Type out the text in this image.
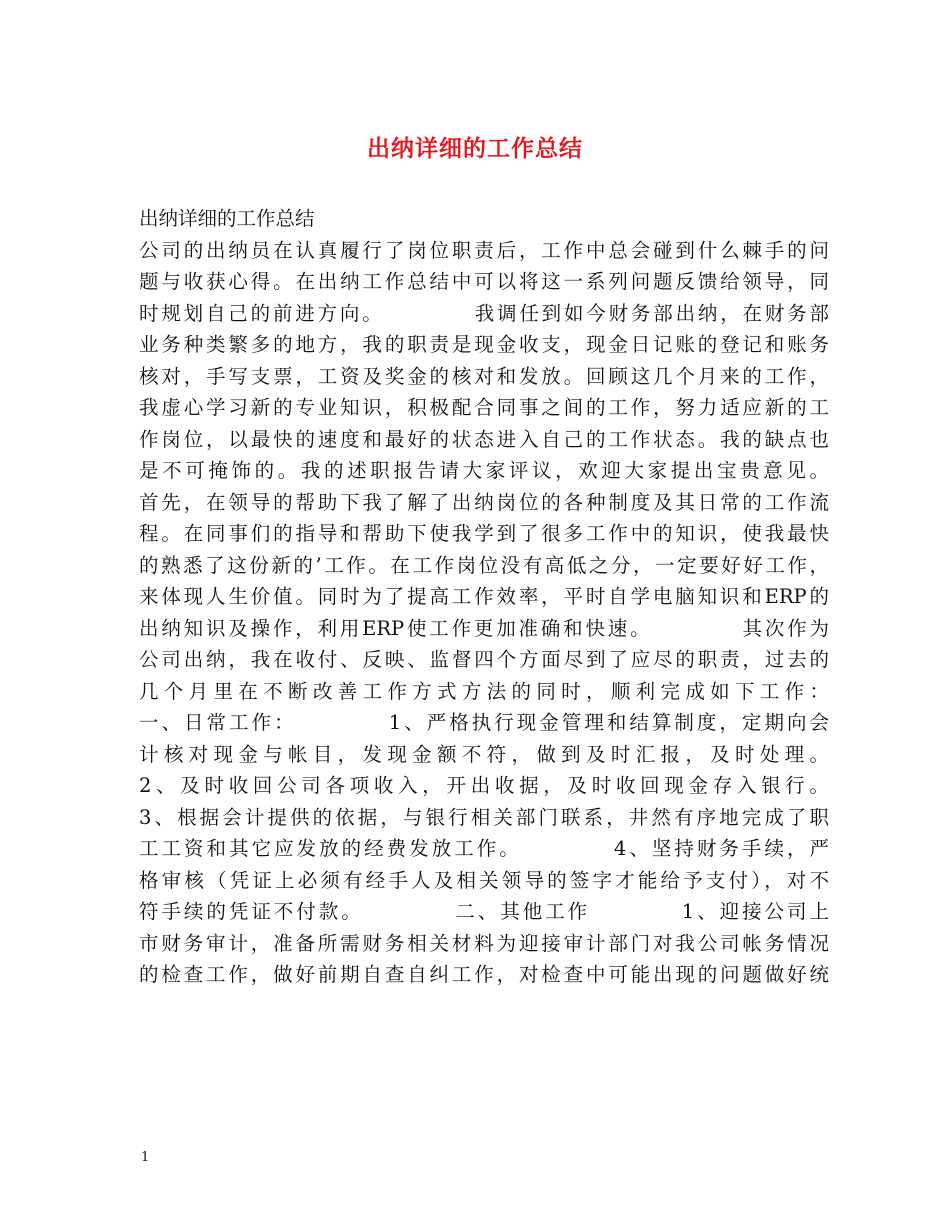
出纳详细的工作总结
出纳详细的工作总结
公司的出纳员在认真履行了岗位职责后，工作中总会碰到什么棘手的问
题与收获心得。在出纳工作总结中可以将这一系列问题反馈给领导，同
时规划自己的前进方向。          我调任到如今财务部出纳，在财务部
业务种类繁多的地方，我的职责是现金收支，现金日记账的登记和账务
核对，手写支票，工资及奖金的核对和发放。回顾这几个月来的工作，
我虚心学习新的专业知识，积极配合同事之间的工作，努力适应新的工
作岗位，以最快的速度和最好的状态进入自己的工作状态。我的缺点也
是不可掩饰的。我的述职报告请大家评议，欢迎大家提出宝贵意见。
首先，在领导的帮助下我了解了出纳岗位的各种制度及其日常的工作流
程。在同事们的指导和帮助下使我学到了很多工作中的知识，使我最快
的熟悉了这份新的’工作。在工作岗位没有高低之分，一定要好好工作，
来体现人生价值。同时为了提高工作效率，平时自学电脑知识和ERP的
出纳知识及操作，利用ERP使工作更加准确和快速。          其次作为
公司出纳，我在收付、反映、监督四个方面尽到了应尽的职责，过去的
几个月里在不断改善工作方式方法的同时，顺利完成如下工作：
一、日常工作：          1、严格执行现金管理和结算制度，定期向会
计核对现金与帐目，发现金额不符，做到及时汇报，及时处理。
2、及时收回公司各项收入，开出收据，及时收回现金存入银行。
3、根据会计提供的依据，与银行相关部门联系，井然有序地完成了职
工工资和其它应发放的经费发放工作。          4、坚持财务手续，严
格审核（凭证上必须有经手人及相关领导的签字才能给予支付），对不
符手续的凭证不付款。          二、其他工作          1、迎接公司上
市财务审计，准备所需财务相关材料为迎接审计部门对我公司帐务情况
的检查工作，做好前期自查自纠工作，对检查中可能出现的问题做好统
1
